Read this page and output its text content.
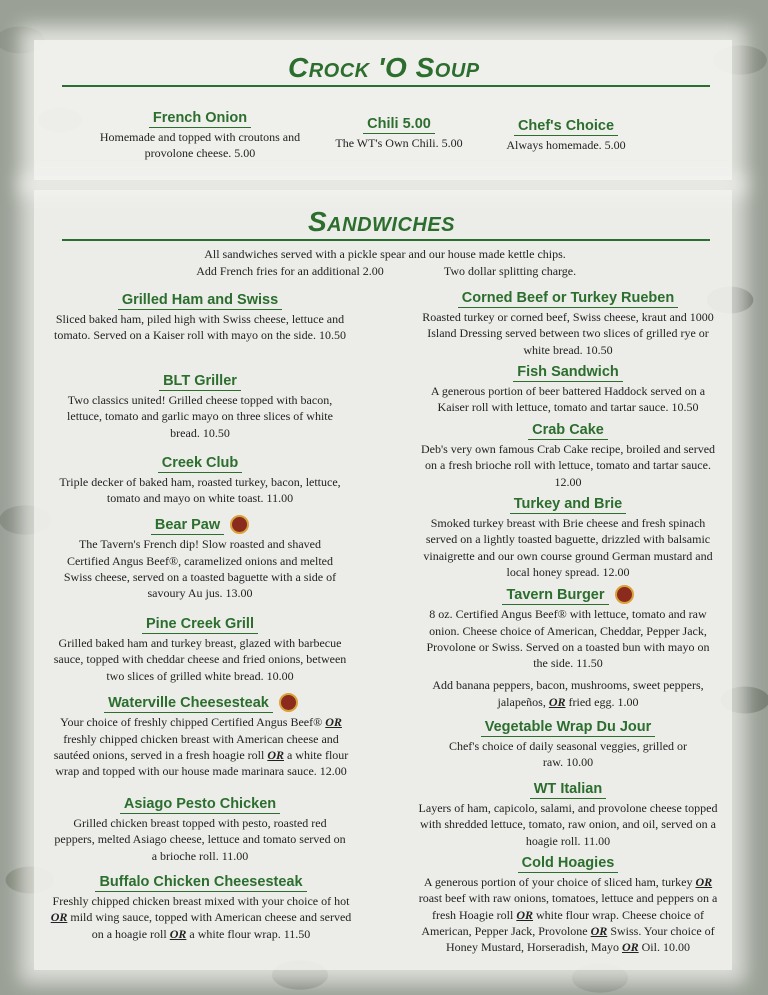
Crock 'O Soup
French Onion
Homemade and topped with croutons and provolone cheese. 5.00
Chili 5.00
The WT's Own Chili. 5.00
Chef's Choice
Always homemade. 5.00
Sandwiches
All sandwiches served with a pickle spear and our house made kettle chips.
Add French fries for an additional 2.00	Two dollar splitting charge.
Grilled Ham and Swiss
Sliced baked ham, piled high with Swiss cheese, lettuce and tomato. Served on a Kaiser roll with mayo on the side. 10.50
BLT Griller
Two classics united! Grilled cheese topped with bacon, lettuce, tomato and garlic mayo on three slices of white bread. 10.50
Creek Club
Triple decker of baked ham, roasted turkey, bacon, lettuce, tomato and mayo on white toast. 11.00
Bear Paw
The Tavern's French dip! Slow roasted and shaved Certified Angus Beef®, caramelized onions and melted Swiss cheese, served on a toasted baguette with a side of savoury Au jus. 13.00
Pine Creek Grill
Grilled baked ham and turkey breast, glazed with barbecue sauce, topped with cheddar cheese and fried onions, between two slices of grilled white bread. 10.00
Waterville Cheesesteak
Your choice of freshly chipped Certified Angus Beef® OR freshly chipped chicken breast with American cheese and sautéed onions, served in a fresh hoagie roll OR a white flour wrap and topped with our house made marinara sauce. 12.00
Asiago Pesto Chicken
Grilled chicken breast topped with pesto, roasted red peppers, melted Asiago cheese, lettuce and tomato served on a brioche roll. 11.00
Buffalo Chicken Cheesesteak
Freshly chipped chicken breast mixed with your choice of hot OR mild wing sauce, topped with American cheese and served on a hoagie roll OR a white flour wrap. 11.50
Corned Beef or Turkey Rueben
Roasted turkey or corned beef, Swiss cheese, kraut and 1000 Island Dressing served between two slices of grilled rye or white bread. 10.50
Fish Sandwich
A generous portion of beer battered Haddock served on a Kaiser roll with lettuce, tomato and tartar sauce. 10.50
Crab Cake
Deb's very own famous Crab Cake recipe, broiled and served on a fresh brioche roll with lettuce, tomato and tartar sauce. 12.00
Turkey and Brie
Smoked turkey breast with Brie cheese and fresh spinach served on a lightly toasted baguette, drizzled with balsamic vinaigrette and our own course ground German mustard and local honey spread. 12.00
Tavern Burger
8 oz. Certified Angus Beef® with lettuce, tomato and raw onion. Cheese choice of American, Cheddar, Pepper Jack, Provolone or Swiss. Served on a toasted bun with mayo on the side. 11.50
Add banana peppers, bacon, mushrooms, sweet peppers, jalapeños, OR fried egg. 1.00
Vegetable Wrap Du Jour
Chef's choice of daily seasonal veggies, grilled or raw. 10.00
WT Italian
Layers of ham, capicolo, salami, and provolone cheese topped with shredded lettuce, tomato, raw onion, and oil, served on a hoagie roll. 11.00
Cold Hoagies
A generous portion of your choice of sliced ham, turkey OR roast beef with raw onions, tomatoes, lettuce and peppers on a fresh Hoagie roll OR white flour wrap. Cheese choice of American, Pepper Jack, Provolone OR Swiss. Your choice of Honey Mustard, Horseradish, Mayo OR Oil. 10.00
